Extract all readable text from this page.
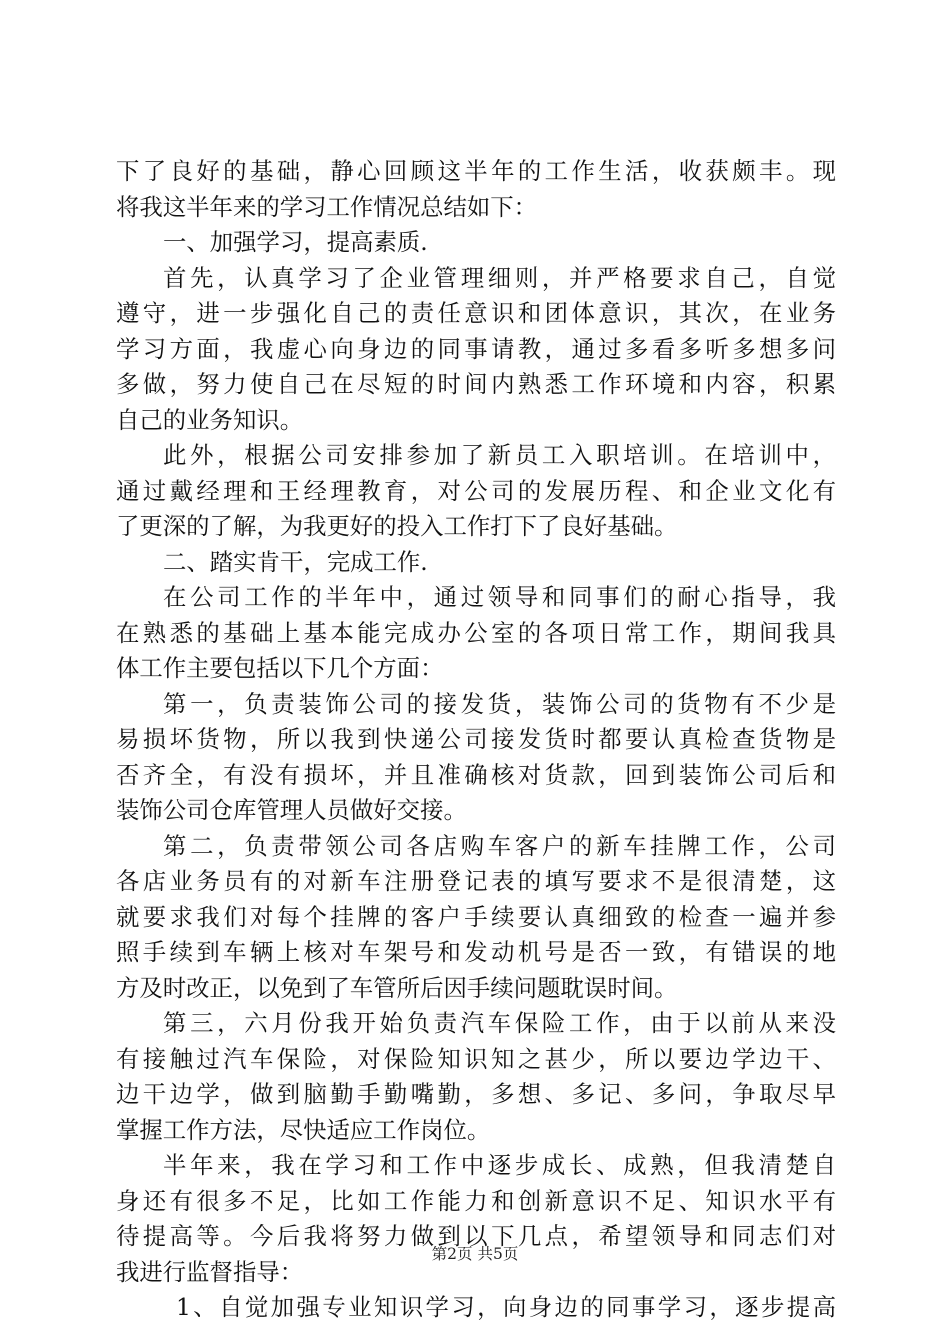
下了良好的基础，静心回顾这半年的工作生活，收获颇丰。现
将我这半年来的学习工作情况总结如下：
一、加强学习，提高素质.
首先，认真学习了企业管理细则，并严格要求自己，自觉
遵守，进一步强化自己的责任意识和团体意识，其次，在业务
学习方面，我虚心向身边的同事请教，通过多看多听多想多问
多做，努力使自己在尽短的时间内熟悉工作环境和内容，积累
自己的业务知识。
此外，根据公司安排参加了新员工入职培训。在培训中，
通过戴经理和王经理教育，对公司的发展历程、和企业文化有
了更深的了解，为我更好的投入工作打下了良好基础。
二、踏实肯干，完成工作.
在公司工作的半年中，通过领导和同事们的耐心指导，我
在熟悉的基础上基本能完成办公室的各项日常工作，期间我具
体工作主要包括以下几个方面：
第一，负责装饰公司的接发货，装饰公司的货物有不少是
易损坏货物，所以我到快递公司接发货时都要认真检查货物是
否齐全，有没有损坏，并且准确核对货款，回到装饰公司后和
装饰公司仓库管理人员做好交接。
第二，负责带领公司各店购车客户的新车挂牌工作，公司
各店业务员有的对新车注册登记表的填写要求不是很清楚，这
就要求我们对每个挂牌的客户手续要认真细致的检查一遍并参
照手续到车辆上核对车架号和发动机号是否一致，有错误的地
方及时改正，以免到了车管所后因手续问题耽误时间。
第三，六月份我开始负责汽车保险工作，由于以前从来没
有接触过汽车保险，对保险知识知之甚少，所以要边学边干、
边干边学，做到脑勤手勤嘴勤，多想、多记、多问，争取尽早
掌握工作方法，尽快适应工作岗位。
半年来，我在学习和工作中逐步成长、成熟，但我清楚自
身还有很多不足，比如工作能力和创新意识不足、知识水平有
待提高等。今后我将努力做到以下几点，希望领导和同志们对
我进行监督指导：
1、自觉加强专业知识学习，向身边的同事学习，逐步提高
第2页 共5页
